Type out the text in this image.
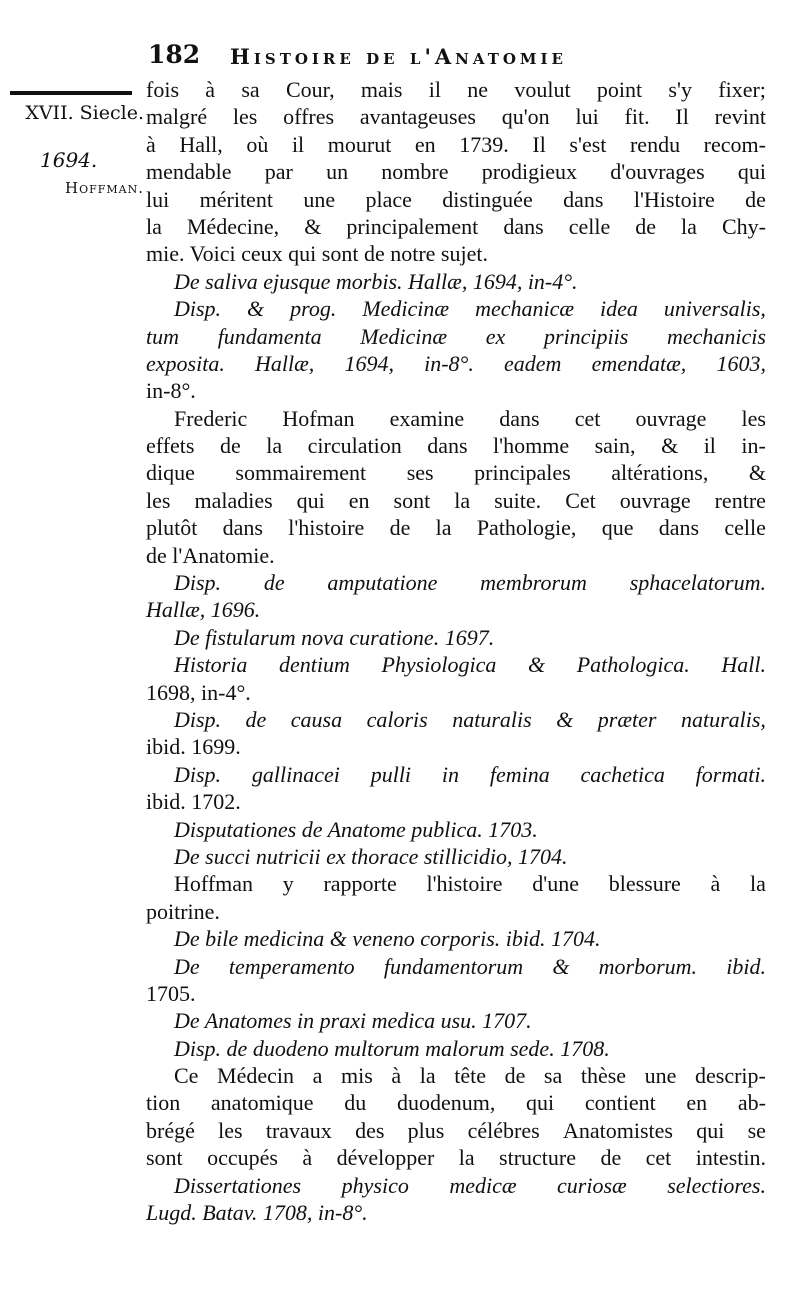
182 Histoire de l'Anatomie
XVII. Siecle.
1694.
Hoffman.
fois à sa Cour, mais il ne voulut point s'y fixer;
malgré les offres avantageuses qu'on lui fit. Il revint
à Hall, où il mourut en 1739. Il s'est rendu recom-
mendable par un nombre prodigieux d'ouvrages qui
lui méritent une place distinguée dans l'Histoire de
la Médecine, & principalement dans celle de la Chy-
mie. Voici ceux qui sont de notre sujet.
De saliva ejusque morbis. Hallæ, 1694, in-4°.
Disp. & prog. Medicinæ mechanicæ idea universalis,
tum fundamenta Medicinæ ex principiis mechanicis
exposita. Hallæ, 1694, in-8°. eadem emendatæ, 1603,
in-8°.
Frederic Hofman examine dans cet ouvrage les
effets de la circulation dans l'homme sain, & il in-
dique sommairement ses principales altérations, &
les maladies qui en sont la suite. Cet ouvrage rentre
plutôt dans l'histoire de la Pathologie, que dans celle
de l'Anatomie.
Disp. de amputatione membrorum sphacelatorum.
Hallæ, 1696.
De fistularum nova curatione. 1697.
Historia dentium Physiologica & Pathologica. Hall.
1698, in-4°.
Disp. de causa caloris naturalis & præter naturalis,
ibid. 1699.
Disp. gallinacei pulli in femina cachetica formati.
ibid. 1702.
Disputationes de Anatome publica. 1703.
De succi nutricii ex thorace stillicidio, 1704.
Hoffman y rapporte l'histoire d'une blessure à la
poitrine.
De bile medicina & veneno corporis. ibid. 1704.
De temperamento fundamentorum & morborum. ibid.
1705.
De Anatomes in praxi medica usu. 1707.
Disp. de duodeno multorum malorum sede. 1708.
Ce Médecin a mis à la tête de sa thèse une descrip-
tion anatomique du duodenum, qui contient en ab-
brégé les travaux des plus célébres Anatomistes qui se
sont occupés à développer la structure de cet intestin.
Dissertationes physico medicæ curiosæ selectiores.
Lugd. Batav. 1708, in-8°.
